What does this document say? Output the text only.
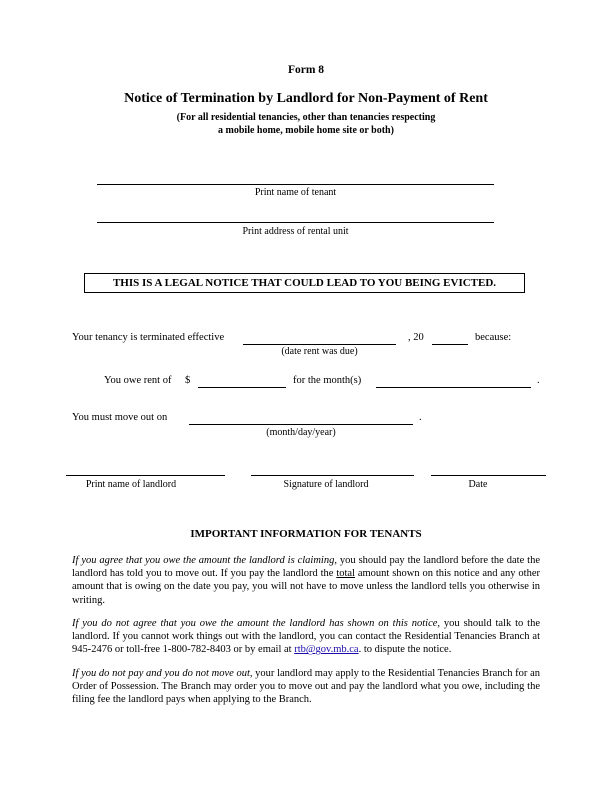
Form 8
Notice of Termination by Landlord for Non-Payment of Rent
(For all residential tenancies, other than tenancies respecting
a mobile home, mobile home site or both)
Print name of tenant
Print address of rental unit
THIS IS A LEGAL NOTICE THAT COULD LEAD TO YOU BEING EVICTED.
Your tenancy is terminated effective	, 20	because:
(date rent was due)
You owe rent of $	for the month(s)	.
You must move out on	.
(month/day/year)
Print name of landlord	Signature of landlord	Date
IMPORTANT INFORMATION FOR TENANTS
If you agree that you owe the amount the landlord is claiming, you should pay the landlord before the date the landlord has told you to move out. If you pay the landlord the total amount shown on this notice and any other amount that is owing on the date you pay, you will not have to move unless the landlord tells you otherwise in writing.
If you do not agree that you owe the amount the landlord has shown on this notice, you should talk to the landlord. If you cannot work things out with the landlord, you can contact the Residential Tenancies Branch at 945-2476 or toll-free 1-800-782-8403 or by email at rtb@gov.mb.ca. to dispute the notice.
If you do not pay and you do not move out, your landlord may apply to the Residential Tenancies Branch for an Order of Possession. The Branch may order you to move out and pay the landlord what you owe, including the filing fee the landlord pays when applying to the Branch.
